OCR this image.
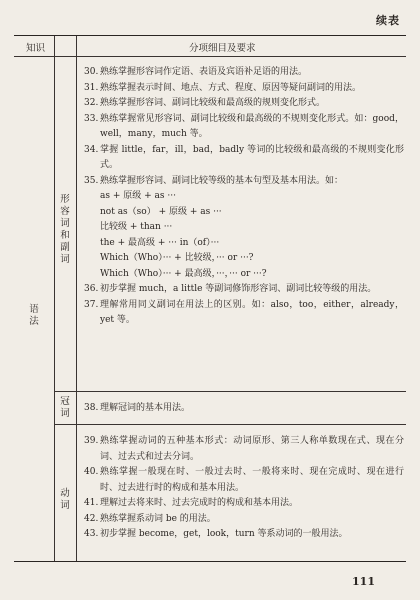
续表
知识	分项细目及要求
语法
形容词和副词
冠词
动词
30. 熟练掌握形容词作定语、表语及宾语补足语的用法。
31. 熟练掌握表示时间、地点、方式、程度、原因等疑问副词的用法。
32. 熟练掌握形容词、副词比较级和最高级的规则变化形式。
33. 熟练掌握常见形容词、副词比较级和最高级的不规则变化形式。如：good，well，many，much 等。
34. 掌握 little，far，ill，bad，badly 等词的比较级和最高级的不规则变化形式。
35. 熟练掌握形容词、副词比较等级的基本句型及基本用法。如：
as + 原级 + as ···
not as（so） + 原级 + as ···
比较级 + than ···
the + 最高级 + ··· in（of）···
Which（Who）··· + 比较级，··· or ···?
Which（Who）··· + 最高级，···，··· or ···?
36. 初步掌握 much，a little 等副词修饰形容词、副词比较等级的用法。
37. 理解常用同义副词在用法上的区别。如：also，too，either，already，yet 等。
38. 理解冠词的基本用法。
39. 熟练掌握动词的五种基本形式：动词原形、第三人称单数现在式、现在分词、过去式和过去分词。
40. 熟练掌握一般现在时、一般过去时、一般将来时、现在完成时、现在进行时、过去进行时的构成和基本用法。
41. 理解过去将来时、过去完成时的构成和基本用法。
42. 熟练掌握系动词 be 的用法。
43. 初步掌握 become，get，look，turn 等系动词的一般用法。
111
